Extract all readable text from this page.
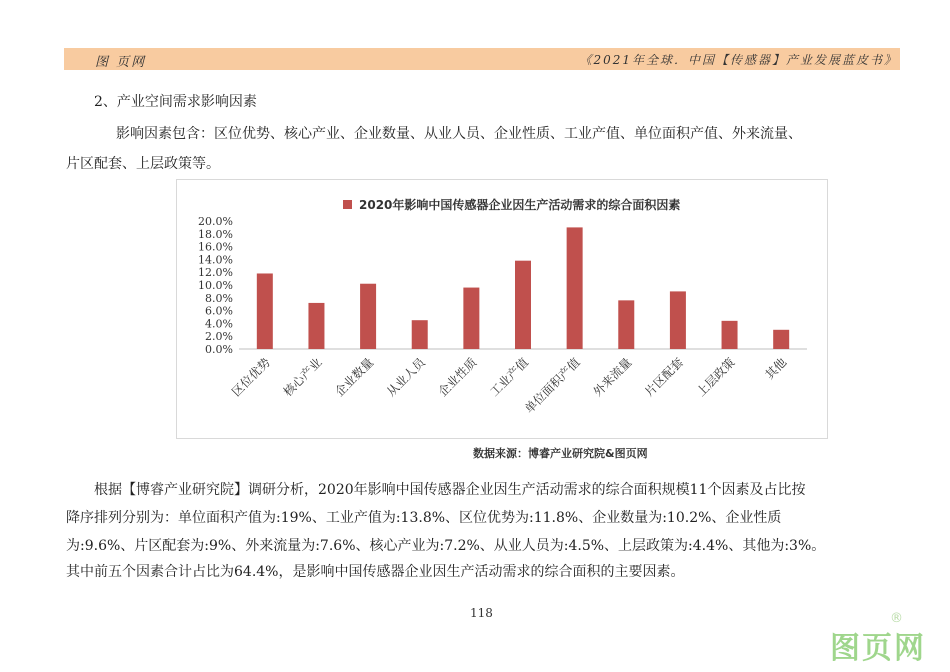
图 页网	《2021年全球．中国【传感器】产业发展蓝皮书》
2、产业空间需求影响因素
影响因素包含：区位优势、核心产业、企业数量、从业人员、企业性质、工业产值、单位面积产值、外来流量、
片区配套、上层政策等。
2020年影响中国传感器企业因生产活动需求的综合面积因素
0.0%
2.0%
4.0%
6.0%
8.0%
10.0%
12.0%
14.0%
16.0%
18.0%
20.0%
区位优势 核心产业 企业数量 从业人员 企业性质 工业产值
单位面积产值 外来流量 片区配套 上层政策 其他
数据来源：博睿产业研究院&图页网
根据【博睿产业研究院】调研分析，2020年影响中国传感器企业因生产活动需求的综合面积规模11个因素及占比按
降序排列分别为：单位面积产值为:19%、工业产值为:13.8%、区位优势为:11.8%、企业数量为:10.2%、企业性质
为:9.6%、片区配套为:9%、外来流量为:7.6%、核心产业为:7.2%、从业人员为:4.5%、上层政策为:4.4%、其他为:3%。
其中前五个因素合计占比为64.4%，是影响中国传感器企业因生产活动需求的综合面积的主要因素。
118
图页网
®
